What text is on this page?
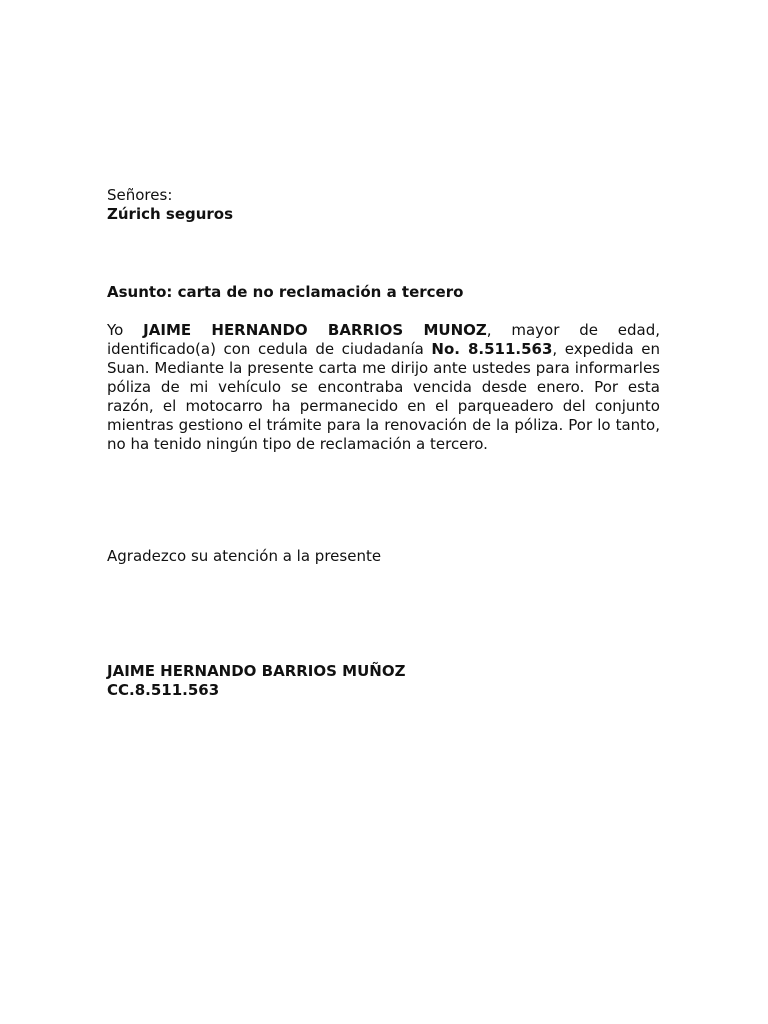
Señores:
Zúrich seguros
Asunto: carta de no reclamación a tercero

Yo JAIME HERNANDO BARRIOS MUNOZ, mayor de edad, identificado(a) con cedula de ciudadanía No. 8.511.563, expedida en Suan. Mediante la presente carta me dirijo ante ustedes para informarles póliza de mi vehículo se encontraba vencida desde enero. Por esta razón, el motocarro ha permanecido en el parqueadero del conjunto mientras gestiono el trámite para la renovación de la póliza. Por lo tanto, no ha tenido ningún tipo de reclamación a tercero.

Agradezco su atención a la presente
JAIME HERNANDO BARRIOS MUÑOZ
CC.8.511.563
